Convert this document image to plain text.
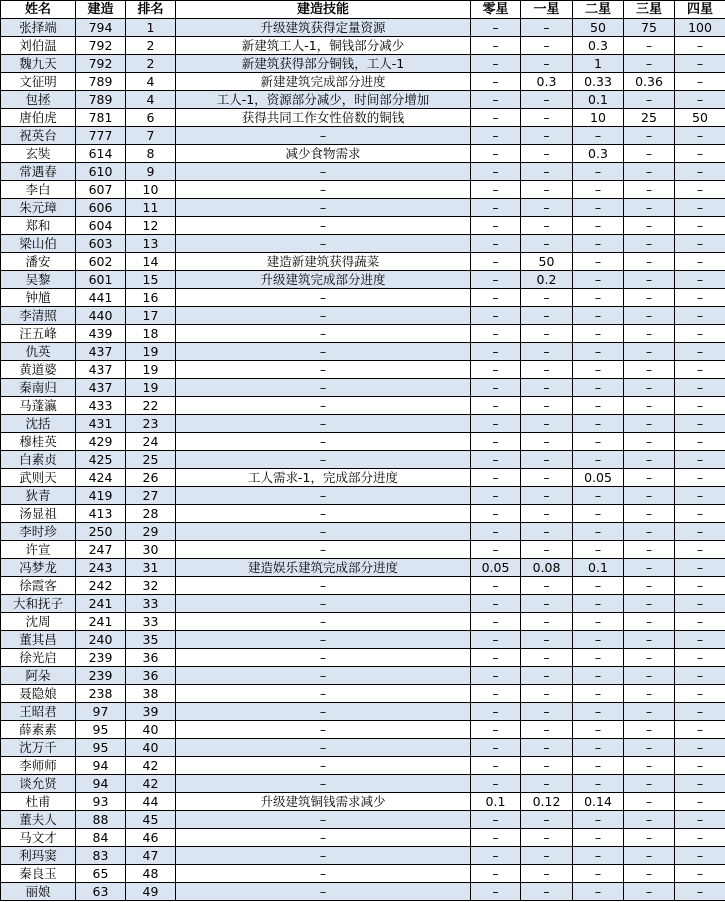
姓名	建造	排名	建造技能	零星	一星	二星	三星	四星
张择端	794	1	升级建筑获得定量资源	–	–	50	75	100
刘伯温	792	2	新建筑工人-1，铜钱部分减少	–	–	0.3	–	–
魏九天	792	2	新建筑获得部分铜钱，工人-1	–	–	1	–	–
文征明	789	4	新建建筑完成部分进度	–	0.3	0.33	0.36	–
包拯	789	4	工人-1，资源部分减少，时间部分增加	–	–	0.1	–	–
唐伯虎	781	6	获得共同工作女性倍数的铜钱	–	–	10	25	50
祝英台	777	7	–	–	–	–	–	–
玄奘	614	8	减少食物需求	–	–	0.3	–	–
常遇春	610	9	–	–	–	–	–	–
李白	607	10	–	–	–	–	–	–
朱元璋	606	11	–	–	–	–	–	–
郑和	604	12	–	–	–	–	–	–
梁山伯	603	13	–	–	–	–	–	–
潘安	602	14	建造新建筑获得蔬菜	–	50	–	–	–
吴黎	601	15	升级建筑完成部分进度	–	0.2	–	–	–
钟馗	441	16	–	–	–	–	–	–
李清照	440	17	–	–	–	–	–	–
汪五峰	439	18	–	–	–	–	–	–
仇英	437	19	–	–	–	–	–	–
黄道婆	437	19	–	–	–	–	–	–
秦南归	437	19	–	–	–	–	–	–
马蓬瀛	433	22	–	–	–	–	–	–
沈括	431	23	–	–	–	–	–	–
穆桂英	429	24	–	–	–	–	–	–
白素贞	425	25	–	–	–	–	–	–
武则天	424	26	工人需求-1，完成部分进度	–	–	0.05	–	–
狄青	419	27	–	–	–	–	–	–
汤显祖	413	28	–	–	–	–	–	–
李时珍	250	29	–	–	–	–	–	–
许宣	247	30	–	–	–	–	–	–
冯梦龙	243	31	建造娱乐建筑完成部分进度	0.05	0.08	0.1	–	–
徐霞客	242	32	–	–	–	–	–	–
大和抚子	241	33	–	–	–	–	–	–
沈周	241	33	–	–	–	–	–	–
董其昌	240	35	–	–	–	–	–	–
徐光启	239	36	–	–	–	–	–	–
阿朵	239	36	–	–	–	–	–	–
聂隐娘	238	38	–	–	–	–	–	–
王昭君	97	39	–	–	–	–	–	–
薛素素	95	40	–	–	–	–	–	–
沈万千	95	40	–	–	–	–	–	–
李师师	94	42	–	–	–	–	–	–
谈允贤	94	42	–	–	–	–	–	–
杜甫	93	44	升级建筑铜钱需求减少	0.1	0.12	0.14	–	–
董夫人	88	45	–	–	–	–	–	–
马文才	84	46	–	–	–	–	–	–
利玛窦	83	47	–	–	–	–	–	–
秦良玉	65	48	–	–	–	–	–	–
丽娘	63	49	–	–	–	–	–	–
